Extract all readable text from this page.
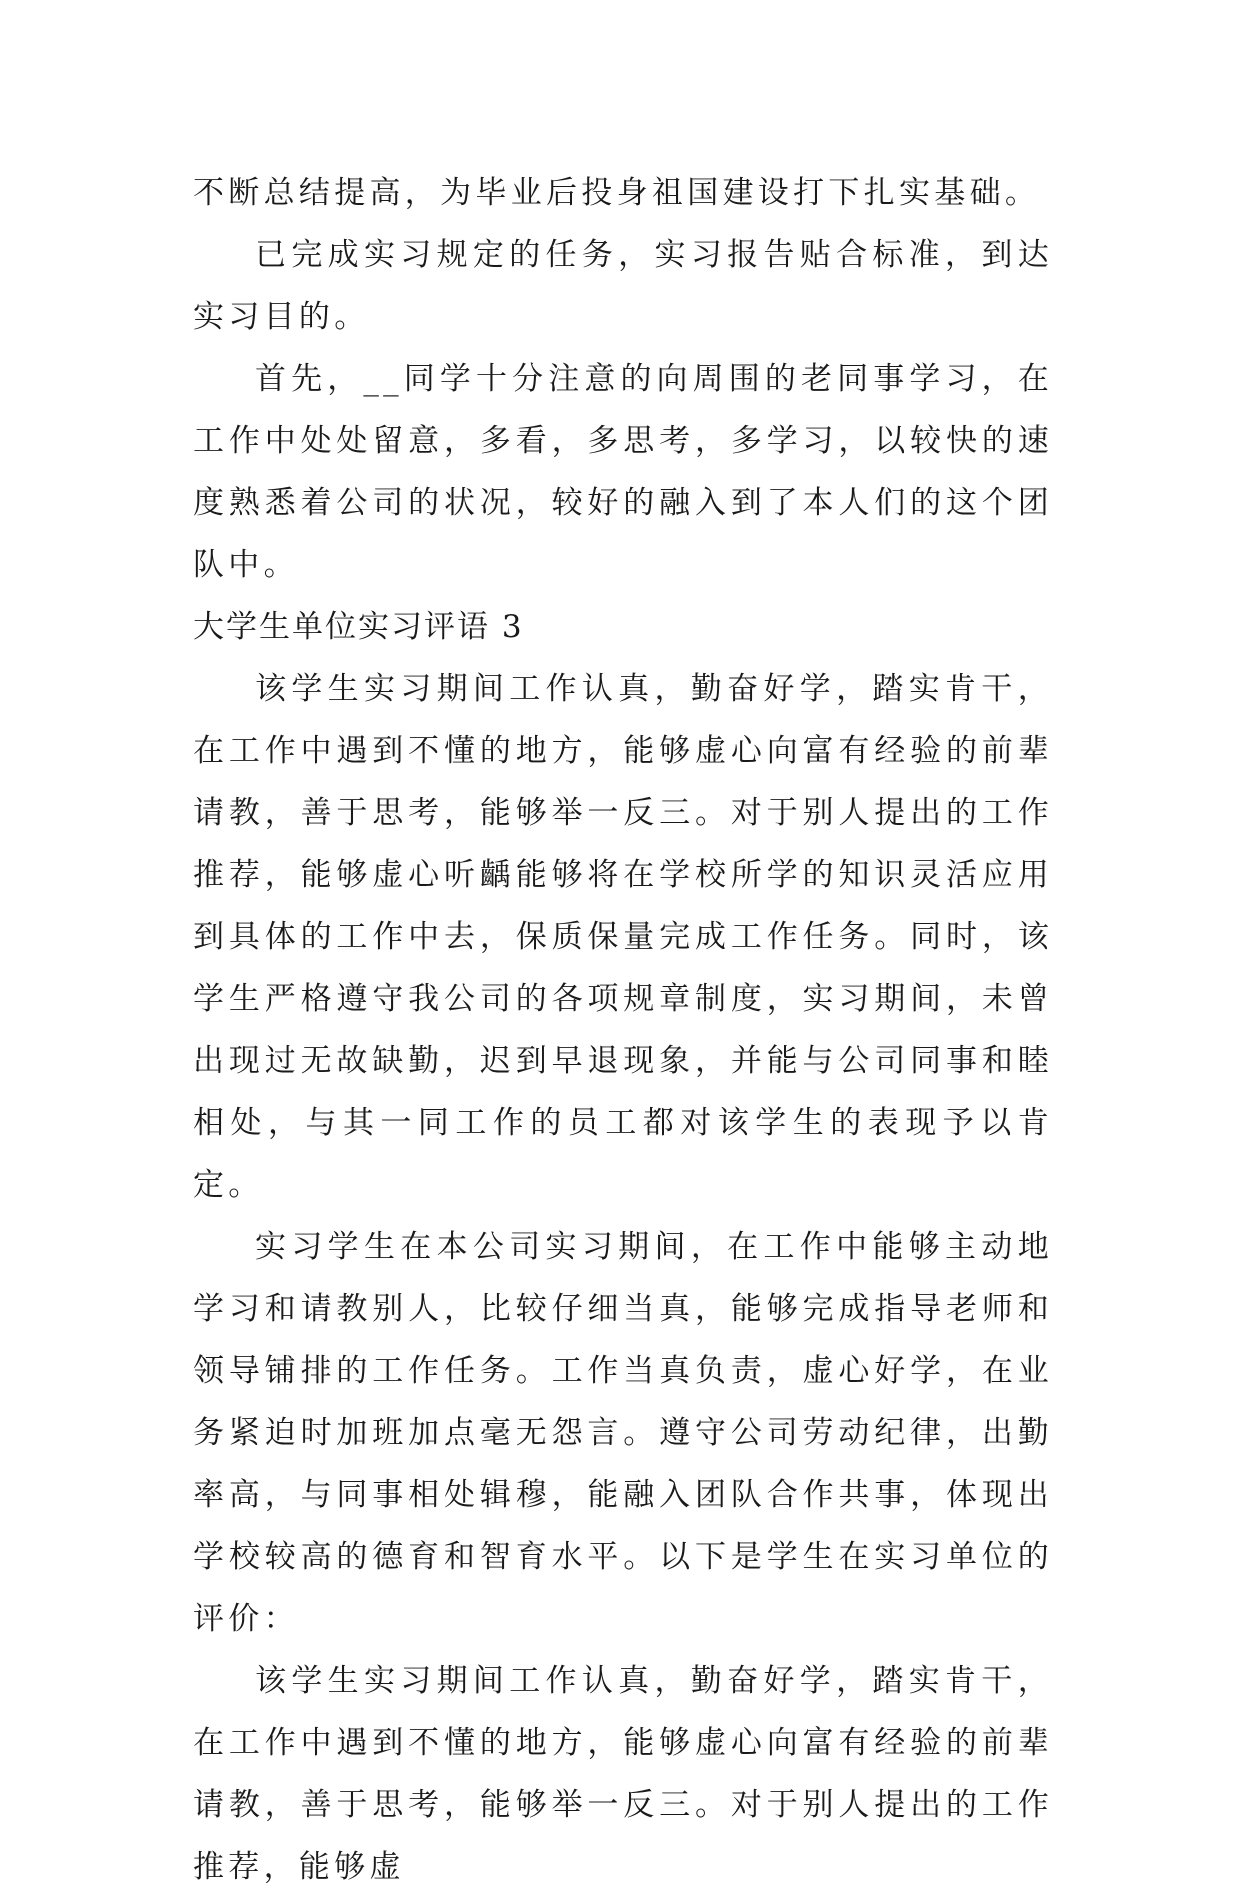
不断总结提高，为毕业后投身祖国建设打下扎实基础。

已完成实习规定的任务，实习报告贴合标准，到达实习目的。

首先，__同学十分注意的向周围的老同事学习，在工作中处处留意，多看，多思考，多学习，以较快的速度熟悉着公司的状况，较好的融入到了本人们的这个团队中。

大学生单位实习评语 3

该学生实习期间工作认真，勤奋好学，踏实肯干，在工作中遇到不懂的地方，能够虚心向富有经验的前辈请教，善于思考，能够举一反三。对于别人提出的工作推荐，能够虚心听齲能够将在学校所学的知识灵活应用到具体的工作中去，保质保量完成工作任务。同时，该学生严格遵守我公司的各项规章制度，实习期间，未曾出现过无故缺勤，迟到早退现象，并能与公司同事和睦相处，与其一同工作的员工都对该学生的表现予以肯定。

实习学生在本公司实习期间，在工作中能够主动地学习和请教别人，比较仔细当真，能够完成指导老师和领导铺排的工作任务。工作当真负责，虚心好学，在业务紧迫时加班加点毫无怨言。遵守公司劳动纪律，出勤率高，与同事相处辑穆，能融入团队合作共事，体现出学校较高的德育和智育水平。以下是学生在实习单位的评价：

该学生实习期间工作认真，勤奋好学，踏实肯干，在工作中遇到不懂的地方，能够虚心向富有经验的前辈请教，善于思考，能够举一反三。对于别人提出的工作推荐，能够虚
